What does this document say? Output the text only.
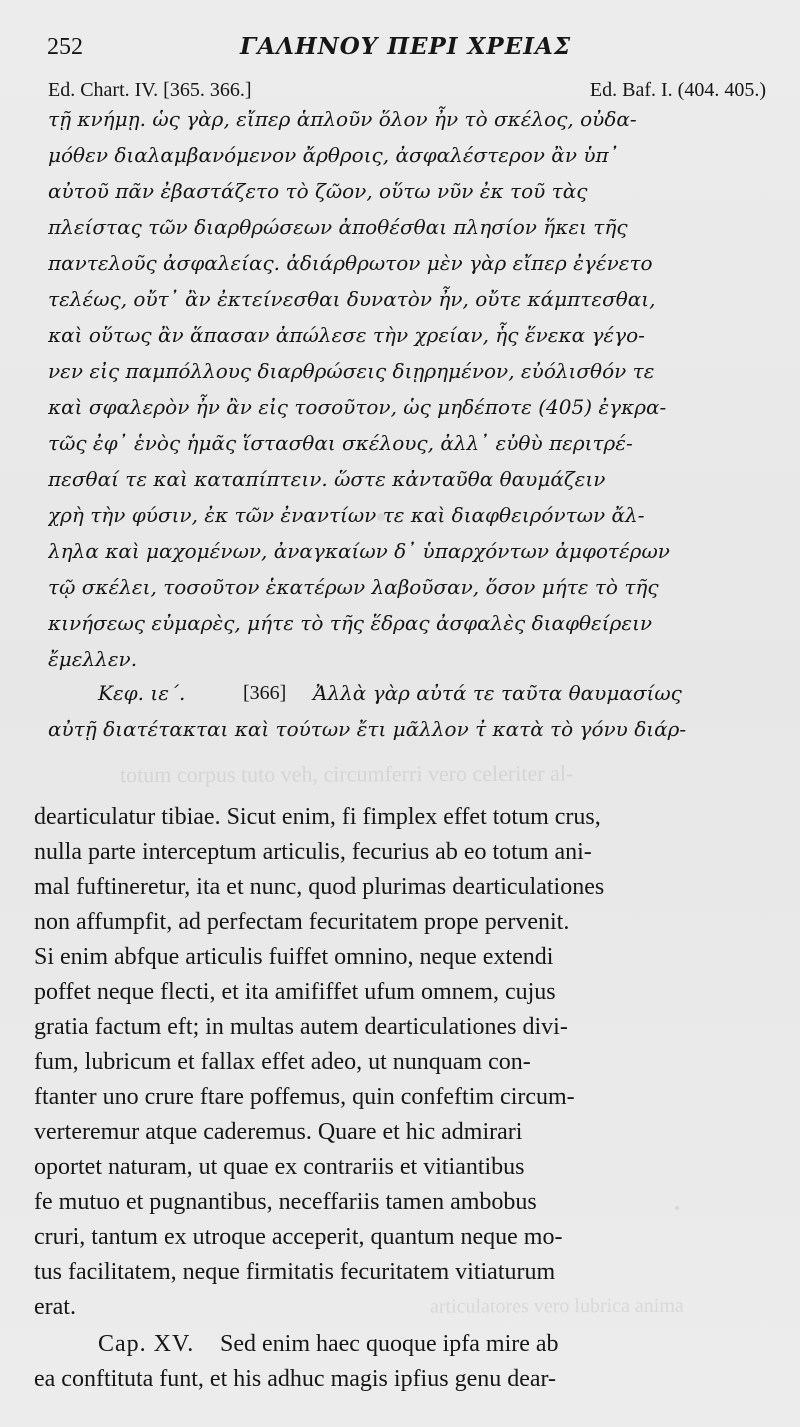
252	ΓΑΛΗΝΟΥ ΠΕΡΙ ΧΡΕΙΑΣ
Ed. Chart. IV. [365. 366.]	Ed. Baf. I. (404. 405.)
τῇ κνήμῃ. ὡς γὰρ, εἴπερ ἁπλοῦν ὅλον ἦν τὸ σκέλος, οὐδα-
μόθεν διαλαμβανόμενον ἄρθροις, ἀσφαλέστερον ἂν ὑπ᾽
αὐτοῦ πᾶν ἐβαστάζετο τὸ ζῶον, οὕτω νῦν ἐκ τοῦ τὰς
πλείστας τῶν διαρθρώσεων ἀποθέσθαι πλησίον ἥκει τῆς
παντελοῦς ἀσφαλείας. ἀδιάρθρωτον μὲν γὰρ εἴπερ ἐγένετο
τελέως, οὔτ᾽ ἂν ἐκτείνεσθαι δυνατὸν ἦν, οὔτε κάμπτεσθαι,
καὶ οὕτως ἂν ἅπασαν ἀπώλεσε τὴν χρείαν, ἧς ἕνεκα γέγο-
νεν εἰς παμπόλλους διαρθρώσεις διῃρημένον, εὐόλισθόν τε
καὶ σφαλερὸν ἦν ἂν εἰς τοσοῦτον, ὡς μηδέποτε (405) ἐγκρα-
τῶς ἐφ᾽ ἑνὸς ἡμᾶς ἵστασθαι σκέλους, ἀλλ᾽ εὐθὺ περιτρέ-
πεσθαί τε καὶ καταπίπτειν. ὥστε κἀνταῦθα θαυμάζειν
χρὴ τὴν φύσιν, ἐκ τῶν ἐναντίων τε καὶ διαφθειρόντων ἄλ-
ληλα καὶ μαχομένων, ἀναγκαίων δ᾽ ὑπαρχόντων ἀμφοτέρων
τῷ σκέλει, τοσοῦτον ἑκατέρων λαβοῦσαν, ὅσον μήτε τὸ τῆς
κινήσεως εὐμαρὲς, μήτε τὸ τῆς ἕδρας ἀσφαλὲς διαφθείρειν
ἔμελλεν.
Κεφ. ιε΄.	[366] Ἀλλὰ γὰρ αὐτά τε ταῦτα θαυμασίως
αὐτῇ διατέτακται καὶ τούτων ἔτι μᾶλλον τ̓ κατὰ τὸ γόνυ διάρ-
totum corpus tuto veh, circumferri vero celeriter al-
articulatores vero lubrica anima
dearticulatur tibiae. Sicut enim, fi fimplex effet totum crus,
nulla parte interceptum articulis, fecurius ab eo totum ani-
mal fuftineretur, ita et nunc, quod plurimas dearticulationes
non affumpfit, ad perfectam fecuritatem prope pervenit.
Si enim abfque articulis fuiffet omnino, neque extendi
poffet neque flecti, et ita amififfet ufum omnem, cujus
gratia factum eft; in multas autem dearticulationes divi-
fum, lubricum et fallax effet adeo, ut nunquam con-
ftanter uno crure ftare poffemus, quin confeftim circum-
verteremur atque caderemus. Quare et hic admirari
oportet naturam, ut quae ex contrariis et vitiantibus
fe mutuo et pugnantibus, neceffariis tamen ambobus
cruri, tantum ex utroque acceperit, quantum neque mo-
tus facilitatem, neque firmitatis fecuritatem vitiaturum
erat.
Cap. XV. Sed enim haec quoque ipfa mire ab
ea conftituta funt, et his adhuc magis ipfius genu dear-
